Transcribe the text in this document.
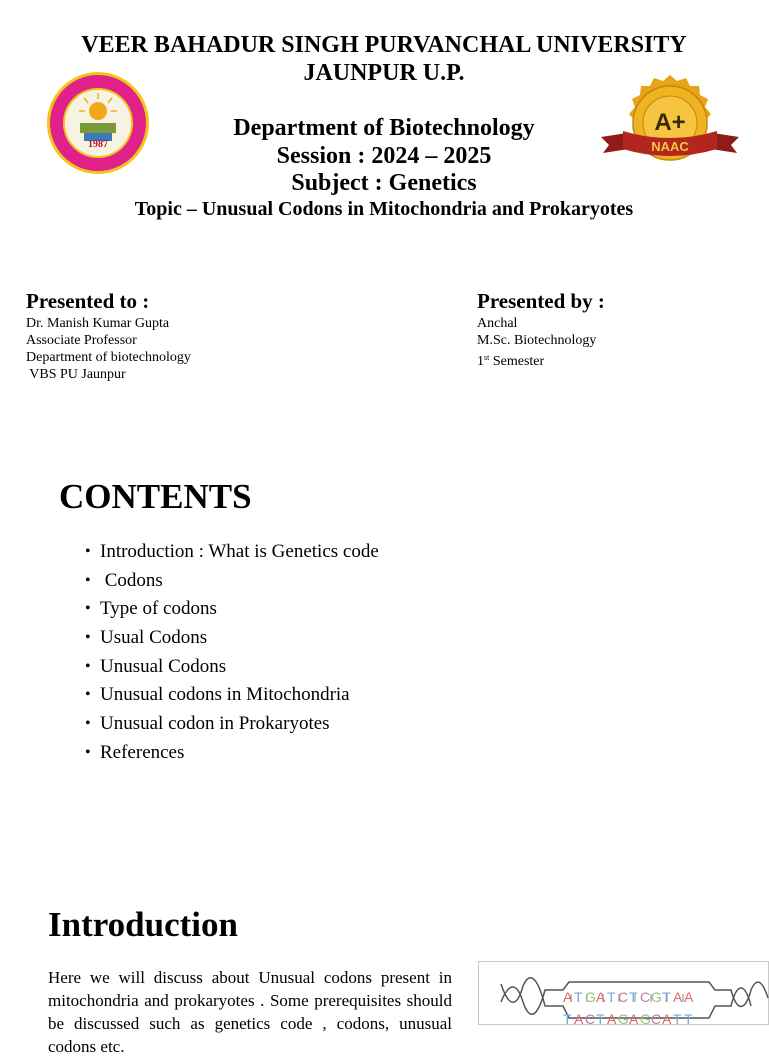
VEER BAHADUR SINGH PURVANCHAL UNIVERSITY
JAUNPUR U.P.
1987
A+
NAAC
Department of Biotechnology
Session : 2024 – 2025
Subject : Genetics
Topic – Unusual Codons in Mitochondria and Prokaryotes
Presented to :
Dr. Manish Kumar Gupta
Associate Professor
Department of biotechnology
VBS PU Jaunpur
Presented by :
Anchal
M.Sc. Biotechnology
1st Semester
CONTENTS
• Introduction : What is Genetics code
• Codons
• Type of codons
• Usual Codons
• Unusual Codons
• Unusual codons in Mitochondria
• Unusual codon in Prokaryotes
• References
Introduction
Here we will discuss about Unusual codons present in mitochondria and prokaryotes . Some prerequisites should be discussed such as genetics code , codons, unusual codons etc.
A T G A T C T C G T A A
T A C T A G A G C A T T
